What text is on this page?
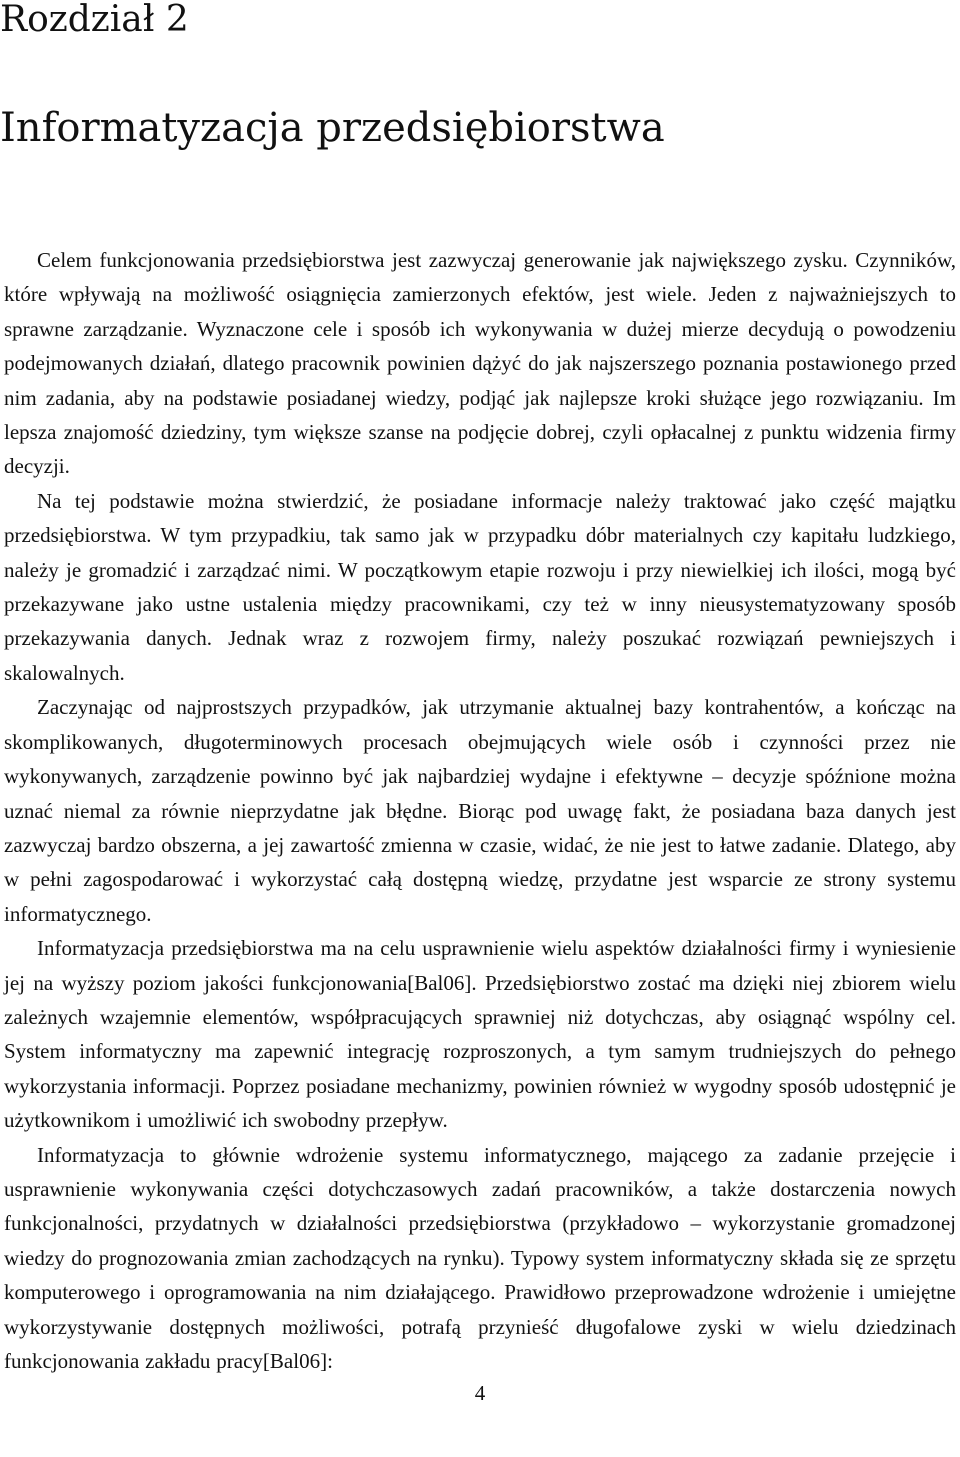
Rozdział 2
Informatyzacja przedsiębiorstwa

Celem funkcjonowania przedsiębiorstwa jest zazwyczaj generowanie jak największego zysku. Czynników, które wpływają na możliwość osiągnięcia zamierzonych efektów, jest wiele. Jeden z najważniejszych to sprawne zarządzanie. Wyznaczone cele i sposób ich wykonywania w dużej mierze decydują o powodzeniu podejmowanych działań, dlatego pracownik powinien dążyć do jak najszerszego poznania postawionego przed nim zadania, aby na podstawie posiadanej wiedzy, podjąć jak najlepsze kroki służące jego rozwiązaniu. Im lepsza znajomość dziedziny, tym większe szanse na podjęcie dobrej, czyli opłacalnej z punktu widzenia firmy decyzji.

Na tej podstawie można stwierdzić, że posiadane informacje należy traktować jako część majątku przedsiębiorstwa. W tym przypadkiu, tak samo jak w przypadku dóbr materialnych czy kapitału ludzkiego, należy je gromadzić i zarządzać nimi. W początkowym etapie rozwoju i przy niewielkiej ich ilości, mogą być przekazywane jako ustne ustalenia między pracownikami, czy też w inny nieusystematyzowany sposób przekazywania danych. Jednak wraz z rozwojem firmy, należy poszukać rozwiązań pewniejszych i skalowalnych.

Zaczynając od najprostszych przypadków, jak utrzymanie aktualnej bazy kontrahentów, a kończąc na skomplikowanych, długoterminowych procesach obejmujących wiele osób i czynności przez nie wykonywanych, zarządzenie powinno być jak najbardziej wydajne i efektywne – decyzje spóźnione można uznać niemal za równie nieprzydatne jak błędne. Biorąc pod uwagę fakt, że posiadana baza danych jest zazwyczaj bardzo obszerna, a jej zawartość zmienna w czasie, widać, że nie jest to łatwe zadanie. Dlatego, aby w pełni zagospodarować i wykorzystać całą dostępną wiedzę, przydatne jest wsparcie ze strony systemu informatycznego.

Informatyzacja przedsiębiorstwa ma na celu usprawnienie wielu aspektów działalności firmy i wyniesienie jej na wyższy poziom jakości funkcjonowania[Bal06]. Przedsiębiorstwo zostać ma dzięki niej zbiorem wielu zależnych wzajemnie elementów, współpracujących sprawniej niż dotychczas, aby osiągnąć wspólny cel. System informatyczny ma zapewnić integrację rozproszonych, a tym samym trudniejszych do pełnego wykorzystania informacji. Poprzez posiadane mechanizmy, powinien również w wygodny sposób udostępnić je użytkownikom i umożliwić ich swobodny przepływ.

Informatyzacja to głównie wdrożenie systemu informatycznego, mającego za zadanie przejęcie i usprawnienie wykonywania części dotychczasowych zadań pracowników, a także dostarczenia nowych funkcjonalności, przydatnych w działalności przedsiębiorstwa (przykładowo – wykorzystanie gromadzonej wiedzy do prognozowania zmian zachodzących na rynku). Typowy system informatyczny składa się ze sprzętu komputerowego i oprogramowania na nim działającego. Prawidłowo przeprowadzone wdrożenie i umiejętne wykorzystywanie dostępnych możliwości, potrafą przynieść długofalowe zyski w wielu dziedzinach funkcjonowania zakładu pracy[Bal06]:

4
